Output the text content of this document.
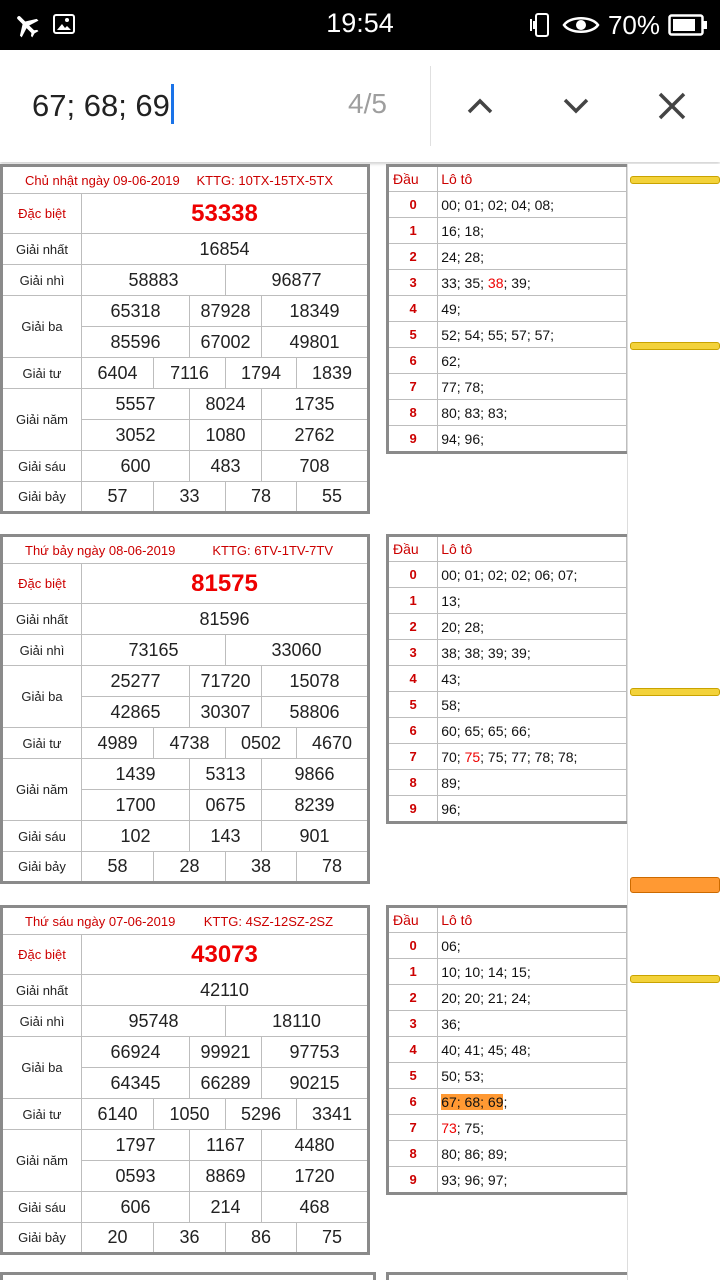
19:54	70%
67; 68; 69	4/5
Chủ nhật ngày 09-06-2019 KTTG: 10TX-15TX-5TX						

Đặc biệt	53338					
Giải nhất	16854					
Giải nhì	58883			96877		
Giải ba	65318		87928		18349	
	85596		67002		49801	
Giải tư	6404	7116		1794		1839
Giải năm	5557		8024		1735	
	3052		1080		2762	
Giải sáu	600		483		708	
Giải bảy	57	33		78		55
Đầu	Lô tô
0	00; 01; 02; 04; 08;
1	16; 18;
2	24; 28;
3	33; 35; 38; 39;
4	49;
5	52; 54; 55; 57; 57;
6	62;
7	77; 78;
8	80; 83; 83;
9	94; 96;
Thứ bảy ngày 08-06-2019 KTTG: 6TV-1TV-7TV						

Đặc biệt	81575					
Giải nhất	81596					
Giải nhì	73165			33060		
Giải ba	25277		71720		15078	
	42865		30307		58806	
Giải tư	4989	4738		0502		4670
Giải năm	1439		5313		9866	
	1700		0675		8239	
Giải sáu	102		143		901	
Giải bảy	58	28		38		78
Đầu	Lô tô
0	00; 01; 02; 02; 06; 07;
1	13;
2	20; 28;
3	38; 38; 39; 39;
4	43;
5	58;
6	60; 65; 65; 66;
7	70; 75; 75; 77; 78; 78;
8	89;
9	96;
Thứ sáu ngày 07-06-2019 KTTG: 4SZ-12SZ-2SZ						

Đặc biệt	43073					
Giải nhất	42110					
Giải nhì	95748			18110		
Giải ba	66924		99921		97753	
	64345		66289		90215	
Giải tư	6140	1050		5296		3341
Giải năm	1797		1167		4480	
	0593		8869		1720	
Giải sáu	606		214		468	
Giải bảy	20	36		86		75
Đầu	Lô tô
0	06;
1	10; 10; 14; 15;
2	20; 20; 21; 24;
3	36;
4	40; 41; 45; 48;
5	50; 53;
6	67; 68; 69;
7	73; 75;
8	80; 86; 89;
9	93; 96; 97;
